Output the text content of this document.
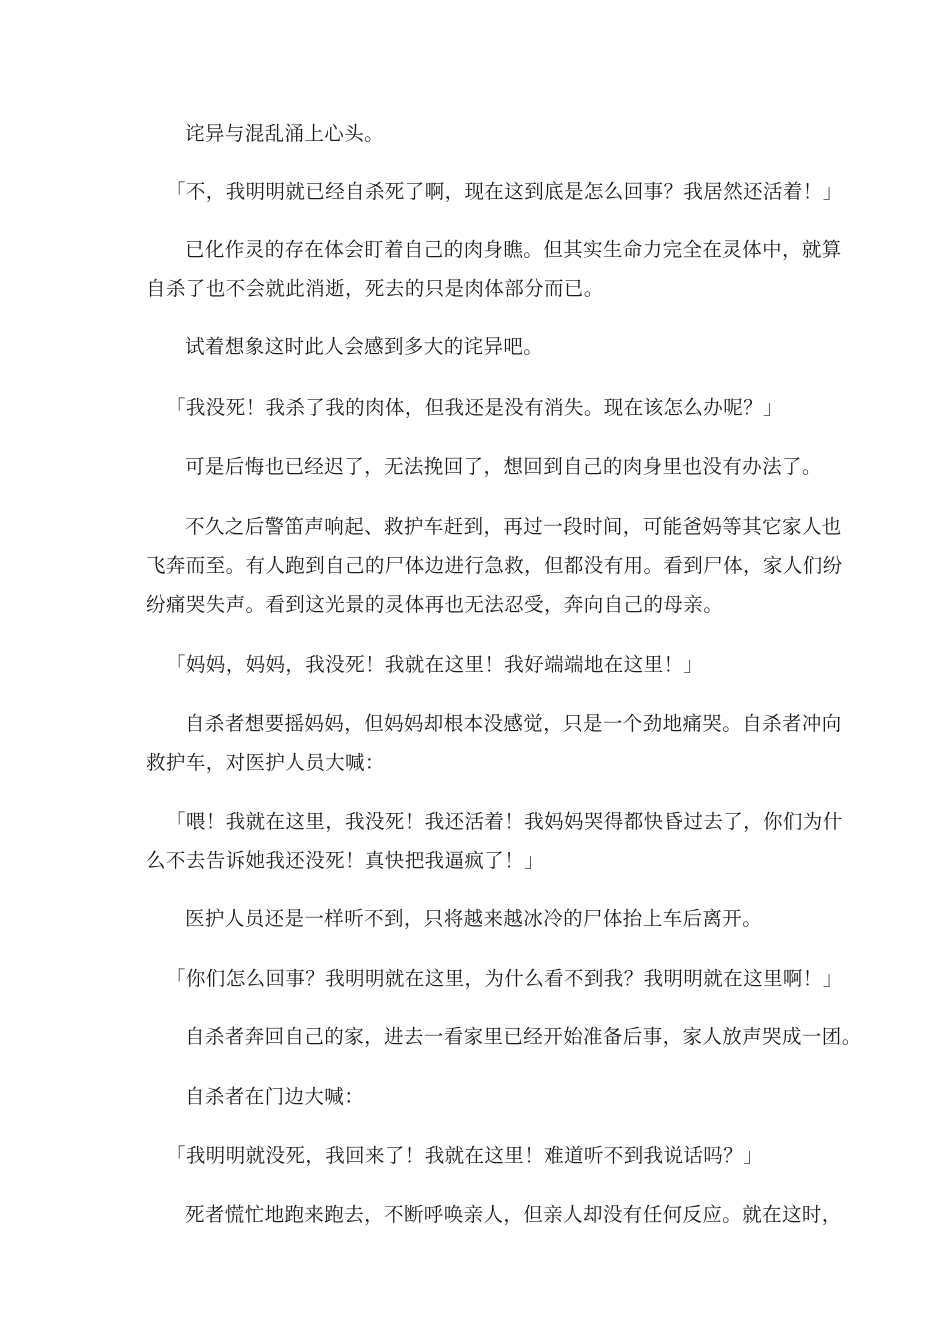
诧异与混乱涌上心头。

「不，我明明就已经自杀死了啊，现在这到底是怎么回事？我居然还活着！」

已化作灵的存在体会盯着自己的肉身瞧。但其实生命力完全在灵体中，就算
自杀了也不会就此消逝，死去的只是肉体部分而已。

试着想象这时此人会感到多大的诧异吧。

「我没死！我杀了我的肉体，但我还是没有消失。现在该怎么办呢？」

可是后悔也已经迟了，无法挽回了，想回到自己的肉身里也没有办法了。

不久之后警笛声响起、救护车赶到，再过一段时间，可能爸妈等其它家人也
飞奔而至。有人跑到自己的尸体边进行急救，但都没有用。看到尸体，家人们纷
纷痛哭失声。看到这光景的灵体再也无法忍受，奔向自己的母亲。

「妈妈，妈妈，我没死！我就在这里！我好端端地在这里！」

自杀者想要摇妈妈，但妈妈却根本没感觉，只是一个劲地痛哭。自杀者冲向
救护车，对医护人员大喊：

「喂！我就在这里，我没死！我还活着！我妈妈哭得都快昏过去了，你们为什
么不去告诉她我还没死！真快把我逼疯了！」

医护人员还是一样听不到，只将越来越冰冷的尸体抬上车后离开。

「你们怎么回事？我明明就在这里，为什么看不到我？我明明就在这里啊！」

自杀者奔回自己的家，进去一看家里已经开始准备后事，家人放声哭成一团。

自杀者在门边大喊：

「我明明就没死，我回来了！我就在这里！难道听不到我说话吗？」

死者慌忙地跑来跑去，不断呼唤亲人，但亲人却没有任何反应。就在这时，
